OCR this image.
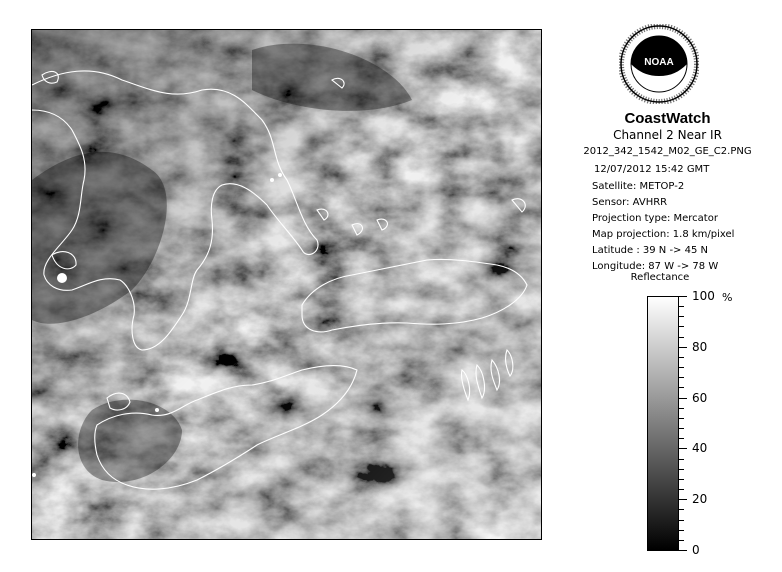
NOAA
CoastWatch
Channel 2 Near IR
2012_342_1542_M02_GE_C2.PNG
12/07/2012 15:42 GMT
Satellite: METOP-2
Sensor: AVHRR
Projection type: Mercator
Map projection: 1.8 km/pixel
Latitude : 39 N -> 45 N
Longitude: 87 W -> 78 W
Reflectance
%
100
80
60
40
20
0
